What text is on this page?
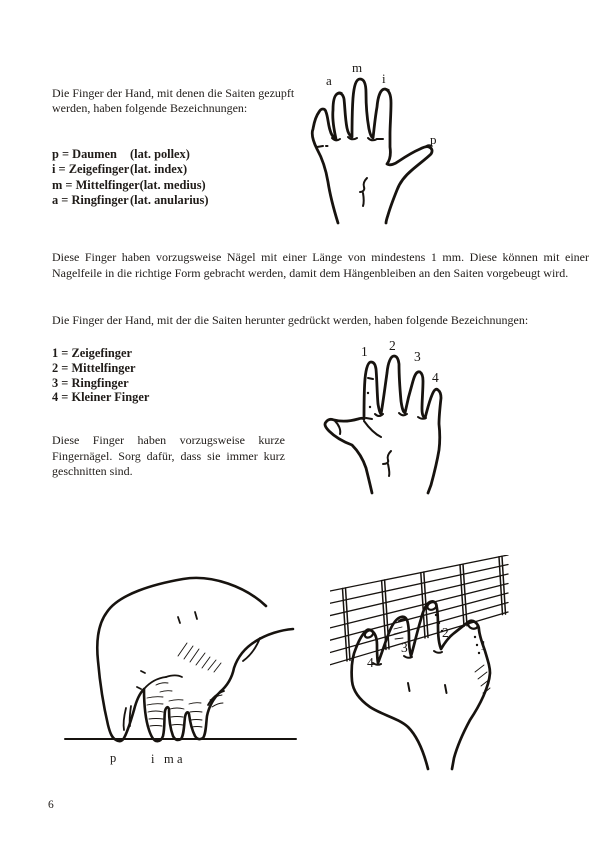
Die Finger der Hand, mit denen die Saiten gezupft werden, haben folgende Bezeichnungen:
p = Daumen	(lat. pollex)
i = Zeigefinger (lat. index)
m = Mittelfinger (lat. medius)
a = Ringfinger (lat. anularius)
a
m
i
p
Diese Finger haben vorzugsweise Nägel mit einer Länge von mindestens 1 mm. Diese können mit einer Nagelfeile in die richtige Form gebracht werden, damit dem Hängenbleiben an den Saiten vorgebeugt wird.
Die Finger der Hand, mit der die Saiten herunter gedrückt werden, haben folgende Bezeichnungen:
1 = Zeigefinger
2 = Mittelfinger
3 = Ringfinger
4 = Kleiner Finger
1 2
3
4
Diese Finger haben vorzugsweise kurze Fingernägel. Sorg dafür, dass sie immer kurz geschnitten sind.
p	i m a
4
3
2
1
6
